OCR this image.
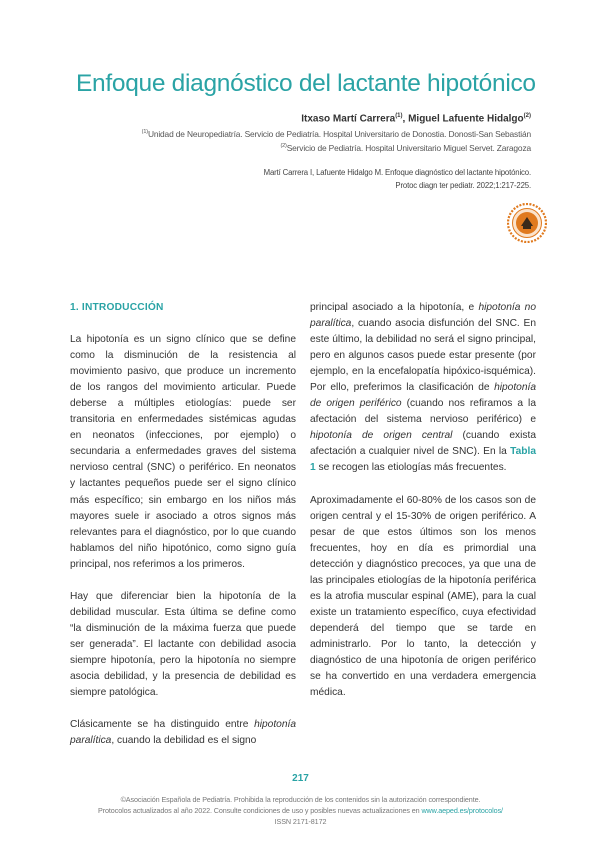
Enfoque diagnóstico del lactante hipotónico
Itxaso Martí Carrera$^{(1)}$, Miguel Lafuente Hidalgo$^{(2)}$
$^{(1)}$Unidad de Neuropediatría. Servicio de Pediatría. Hospital Universitario de Donostia. Donosti-San Sebastián
$^{(2)}$Servicio de Pediatría. Hospital Universitario Miguel Servet. Zaragoza
Martí Carrera I, Lafuente Hidalgo M. Enfoque diagnóstico del lactante hipotónico.
Protoc diagn ter pediatr. 2022;1:217-225.
1. INTRODUCCIÓN

La hipotonía es un signo clínico que se define como la disminución de la resistencia al movimiento pasivo, que produce un incremento de los rangos del movimiento articular. Puede deberse a múltiples etiologías: puede ser transitoria en enfermedades sistémicas agudas en neonatos (infecciones, por ejemplo) o secundaria a enfermedades graves del sistema nervioso central (SNC) o periférico. En neonatos y lactantes pequeños puede ser el signo clínico más específico; sin embargo en los niños más mayores suele ir asociado a otros signos más relevantes para el diagnóstico, por lo que cuando hablamos del niño hipotónico, como signo guía principal, nos referimos a los primeros.

Hay que diferenciar bien la hipotonía de la debilidad muscular. Esta última se define como “la disminución de la máxima fuerza que puede ser generada”. El lactante con debilidad asocia siempre hipotonía, pero la hipotonía no siempre asocia debilidad, y la presencia de debilidad es siempre patológica.

Clásicamente se ha distinguido entre hipotonía paralítica, cuando la debilidad es el signo

principal asociado a la hipotonía, e hipotonía no paralítica, cuando asocia disfunción del SNC. En este último, la debilidad no será el signo principal, pero en algunos casos puede estar presente (por ejemplo, en la encefalopatía hipóxico-isquémica). Por ello, preferimos la clasificación de hipotonía de origen periférico (cuando nos refiramos a la afectación del sistema nervioso periférico) e hipotonía de origen central (cuando exista afectación a cualquier nivel de SNC). En la Tabla 1 se recogen las etiologías más frecuentes.

Aproximadamente el 60-80% de los casos son de origen central y el 15-30% de origen periférico. A pesar de que estos últimos son los menos frecuentes, hoy en día es primordial una detección y diagnóstico precoces, ya que una de las principales etiologías de la hipotonía periférica es la atrofia muscular espinal (AME), para la cual existe un tratamiento específico, cuya efectividad dependerá del tiempo que se tarde en administrarlo. Por lo tanto, la detección y diagnóstico de una hipotonía de origen periférico se ha convertido en una verdadera emergencia médica.

217
©Asociación Española de Pediatría. Prohibida la reproducción de los contenidos sin la autorización correspondiente.
Protocolos actualizados al año 2022. Consulte condiciones de uso y posibles nuevas actualizaciones en www.aeped.es/protocolos/
ISSN 2171-8172
